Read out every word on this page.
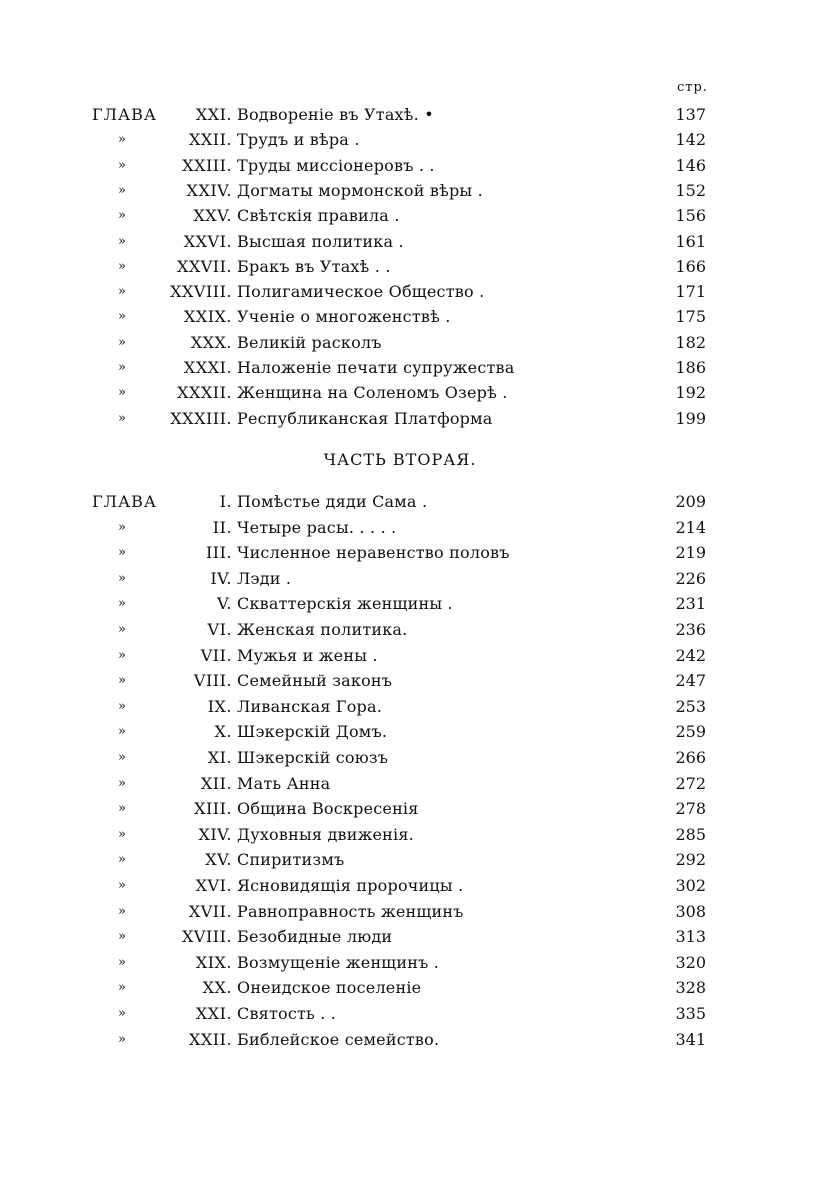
стр.
ГЛАВА XXI. Водвореніе въ Утахѣ. •	137
»	XXII. Трудъ и вѣра .	142
»	XXIII. Труды миссіонеровъ . .	146
»	XXIV. Догматы мормонской вѣры .	152
»	XXV. Свѣтскія правила .	156
»	XXVI. Высшая политика .	161
»	XXVII. Бракъ въ Утахѣ . .	166
»	XXVIII. Полигамическое Общество .	171
»	XXIX. Ученіе о многоженствѣ .	175
»	XXX. Великій расколъ	182
»	XXXI. Наложеніе печати супружества	186
»	XXXII. Женщина на Соленомъ Озерѣ .	192
»	XXXIII. Республиканская Платформа	199
ЧАСТЬ ВТОРАЯ.
ГЛАВА	I. Помѣстье дяди Сама .	209
»	II. Четыре расы. . . . .	214
»	III. Численное неравенство половъ	219
»	IV. Лэди .	226
»	V. Скваттерскія женщины .	231
»	VI. Женская политика.	236
»	VII. Мужья и жены .	242
»	VIII. Семейный законъ	247
»	IX. Ливанская Гора.	253
»	X. Шэкерскій Домъ.	259
»	XI. Шэкерскій союзъ	266
»	XII. Мать Анна	272
»	XIII. Община Воскресенія	278
»	XIV. Духовныя движенія.	285
»	XV. Спиритизмъ	292
»	XVI. Ясновидящія пророчицы .	302
»	XVII. Равноправность женщинъ	308
»	XVIII. Безобидные люди	313
»	XIX. Возмущеніе женщинъ .	320
»	XX. Онеидское поселеніе	328
»	XXI. Святость . .	335
»	XXII. Библейское семейство.	341
